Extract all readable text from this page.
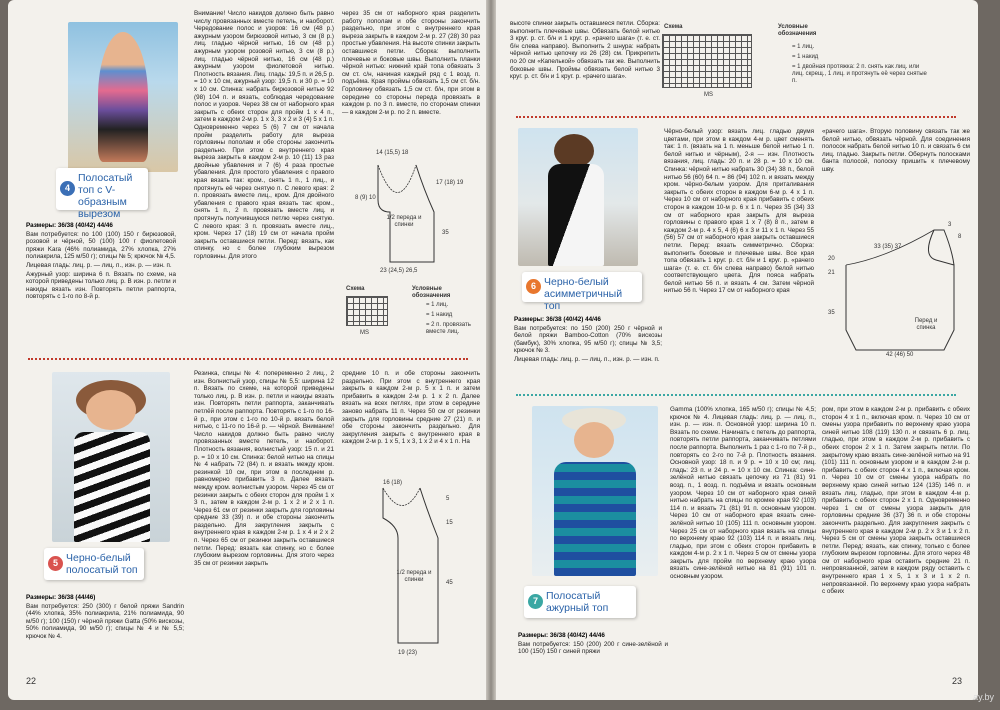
4
Полосатый топ с V-образным вырезом

Размеры: 36/38 (40/42) 44/46

Вам потребуется: по 100 (100) 150 г бирюзовой, розовой и чёрной, 50 (100) 100 г фиолетовой пряжи Kara (46% полиамида, 27% хлопка, 27% полиакрила, 125 м/50 г); спицы № 5; крючок № 4,5.

Лицевая гладь: лиц. р. — лиц. п., изн. р. — изн. п.

Ажурный узор: ширина 6 п. Вязать по схеме, на которой приведены только лиц. р. В изн. р. петли и накиды вязать изн. Повторять петли раппорта, повторять с 1-го по 8-й р.

Внимание! Число накидов должно быть равно числу провязанных вместе петель, и наоборот. Чередование полос и узоров: 16 см (48 р.) ажурным узором бирюзовой нитью, 3 см (8 р.) лиц. гладью чёрной нитью, 16 см (48 р.) ажурным узором розовой нитью, 3 см (8 р.) лиц. гладью чёрной нитью, 16 см (48 р.) ажурным узором фиолетовой нитью. Плотность вязания. Лиц. гладь: 19,5 п. и 26,5 р. = 10 х 10 см, ажурный узор: 19,5 п. и 30 р. = 10 х 10 см. Спинка: набрать бирюзовой нитью 92 (98) 104 п. и вязать, соблюдая чередование полос и узоров. Через 38 см от наборного края закрыть с обеих сторон для пройм 1 х 4 п., затем в каждом 2-м р. 1 х 3, 3 х 2 и 3 (4) 5 х 1 п. Одновременно через 5 (6) 7 см от начала пройм разделить работу для выреза горловины пополам и обе стороны закончить раздельно. При этом с внутреннего края выреза закрыть в каждом 2-м р. 10 (11) 13 раз двойные убавления и 7 (6) 4 раза простые убавления. Для простого убавления с правого края вязать так: кром., снять 1 п., 1 лиц., и протянуть её через снятую п. С левого края: 2 п. провязать вместе лиц., кром. Для двойного убавления с правого края вязать так: кром., снять 1 п., 2 п. провязать вместе лиц. и протянуть получившуюся петлю через снятую. С левого края: 3 п. провязать вместе лиц., кром. Через 17 (18) 19 см от начала пройм закрыть оставшиеся петли. Перед: вязать, как спинку, но с более глубоким вырезом горловины. Для этого
через 35 см от наборного края разделить работу пополам и обе стороны закончить раздельно, при этом с внутреннего края выреза закрыть в каждом 2-м р. 27 (28) 30 раз простые убавления. На высоте спинки закрыть оставшиеся петли. Сборка: выполнить плечевые и боковые швы. Выполнить планки чёрной нитью: нижний край топа обвязать 3 см ст. с/н, начиная каждый ряд с 1 возд. п. подъёма. Края проймы обвязать 1,5 см ст. б/н. Горловину обвязать 1,5 см ст. б/н, при этом в середине со стороны переда провязать в каждом р. по 3 п. вместе, по сторонам спинки — в каждом 2-м р. по 2 п. вместе.
14 (15,5) 18
8 (9) 10
17 (18) 19
35
1/2 переда и спинки
23 (24,5) 26,5
Схема
MS
Условные обозначения
= 1 лиц.
= 1 накид
= 2 п. провязать вместе лиц.
5 Черно-белый полосатый топ

Размеры: 36/38 (44/46)

Вам потребуется: 250 (300) г белой пряжи Sandrin (44% хлопка, 35% полиакрила, 21% полиамида, 90 м/50 г); 100 (150) г чёрной пряжи Gatta (50% вискозы, 50% полиамида, 90 м/50 г); спицы № 4 и № 5,5; крючок № 4.

Резинка, спицы № 4: попеременно 2 лиц., 2 изн. Волнистый узор, спицы № 5,5: ширина 12 п. Вязать по схеме, на которой приведены только лиц. р. В изн. р. петли и накиды вязать изн. Повторять петли раппорта, заканчивать петлёй после раппорта. Повторять с 1-го по 16-й р., при этом с 1-го по 10-й р. вязать белой нитью, с 11-го по 16-й р. — чёрной. Внимание! Число накидов должно быть равно числу провязанных вместе петель, и наоборот. Плотность вязания, волнистый узор: 15 п. и 21 р. = 10 х 10 см. Спинка: белой нитью на спицы № 4 набрать 72 (84) п. и вязать между кром. резинкой 10 см, при этом в последнем р. равномерно прибавить 3 п. Далее вязать между кром. волнистым узором. Через 45 см от резинки закрыть с обеих сторон для пройм 1 х 3 п., затем в каждом 2-м р. 1 х 2 и 2 х 1 п. Через 61 см от резинки закрыть для горловины средние 33 (39) п. и обе стороны закончить раздельно. Для закругления закрыть с внутреннего края в каждом 2-м р. 1 х 4 и 2 х 2 п. Через 65 см от резинки закрыть оставшиеся петли. Перед: вязать как спинку, но с более глубоким вырезом горловины. Для этого через 35 см от резинки закрыть
средние 10 п. и обе стороны закончить раздельно. При этом с внутреннего края закрыть в каждом 2-м р. 5 х 1 п. и затем прибавить в каждом 2-м р. 1 х 2 п. Далее вязать на всех петлях, при этом в середине заново набрать 11 п. Через 50 см от резинки закрыть для горловины средние 27 (21) п. и обе стороны закончить раздельно. Для закругления закрыть с внутреннего края в каждом 2-м р. 1 х 5, 1 х 3, 1 х 2 и 4 х 1 п. На
16 (18)
5
15
45
1/2 переда и спинки
19 (23)
22
высоте спинки закрыть оставшиеся петли. Сборка: выполнить плечевые швы. Обвязать белой нитью 3 круг. р. ст. б/н и 1 круг. р. «рачего шага» (т. е. ст. б/н слева направо). Выполнить 2 шнура: набрать чёрной нитью цепочку из 26 (28) см. Прикрепить по 20 см «Капелькой» обвязать так же. Выполнить боковые швы. Проймы обвязать белой нитью 3 круг. р. ст. б/н и 1 круг. р. «рачего шага».
Схема
MS
Условные обозначения
= 1 лиц.
= 1 накид
= 1 двойная протяжка: 2 п. снять как лиц. или лиц. скрещ., 1 лиц. и протянуть её через снятые п.
6 Черно-белый асимметричный топ

Размеры: 36/38 (40/42) 44/46

Вам потребуется: по 150 (200) 250 г чёрной и белой пряжи Bamboo-Cotton (70% вискозы (бамбук), 30% хлопка, 95 м/50 г); спицы № 3,5; крючок № 3.

Лицевая гладь: лиц. р. — лиц. п., изн. р. — изн. п.

Чёрно-белый узор: вязать лиц. гладью двумя цветами, при этом в каждом 4-м р. цвет сменять так: 1 п. (вязать на 1 п. меньше белой нитью 1 п. белой нитью и чёрным), 2-я — изн. Плотность вязания, лиц. гладь: 20 п. и 28 р. = 10 х 10 см. Спинка: чёрной нитью набрать 30 (34) 38 п., белой нитью 56 (60) 64 п. = 86 (94) 102 п. и вязать между кром. чёрно-белым узором. Для приталивания закрыть с обеих сторон в каждом 6-м р. 4 х 1 п. Через 10 см от наборного края прибавить с обеих сторон в каждом 10-м р. 6 х 1 п. Через 35 (34) 33 см от наборного края закрыть для выреза горловины с правого края 1 х 7 (8) 8 п., затем в каждом 2-м р. 4 х 5, 4 (6) 6 х 3 и 11 х 1 п. Через 55 (56) 57 см от наборного края закрыть оставшиеся петли. Перед: вязать симметрично. Сборка: выполнить боковые и плечевые швы. Все края топа обвязать 1 круг. р. ст. б/н и 1 круг. р. «рачего шага» (т. е. ст. б/н слева направо) белой нитью соответствующего цвета. Для пояса набрать белой нитью 56 п. и вязать 4 см. Затем чёрной нитью 56 п. Через 17 см от наборного края
«рачего шага». Вторую половину связать так же белой нитью, обвязать чёрной. Для соединения полосок набрать белой нитью 10 п. и связать 6 см лиц. гладью. Закрыть петли. Обернуть полосками банта полосой, полоску пришить к плечевому шву.
3
8
33 (35) 37
20
21
35
Перед и спинка
42 (46) 50
7 Полосатый ажурный топ

Размеры: 36/38 (40/42) 44/46

Вам потребуется: 150 (200) 200 г сине-зелёной и 100 (150) 150 г синей пряжи

Gamma (100% хлопка, 165 м/50 г); спицы № 4,5; крючок № 4. Лицевая гладь: лиц. р. — лиц. п., изн. р. — изн. п. Основной узор: ширина 10 п. Вязать по схеме. Начинать с петель до раппорта, повторять петли раппорта, заканчивать петлями после раппорта. Выполнить 1 раз с 1-го по 7-й р., повторять со 2-го по 7-й р. Плотность вязания. Основной узор: 18 п. и 9 р. = 10 х 10 см; лиц. гладь: 23 п. и 24 р. = 10 х 10 см. Спинка: сине-зелёной нитью связать цепочку из 71 (81) 91 возд. п., 1 возд. п. подъёма и вязать основным узором. Через 10 см от наборного края синей нитью набрать на спицы по кромке края 92 (103) 114 п. и вязать 71 (81) 91 п. основным узором. Через 10 см от наборного края вязать сине-зелёной нитью 10 (105) 111 п. основным узором. Через 25 см от наборного края вязать на спицы по верхнему краю 92 (103) 114 п. и вязать лиц. гладью, при этом с обеих сторон прибавить в каждом 4-м р. 2 х 1 п. Через 5 см от смены узора закрыть для пройм по верхнему краю узора вязать сине-зелёной нитью на 81 (91) 101 п. основным узором.
ром, при этом в каждом 2-м р. прибавить с обеих сторон 4 х 1 п., включая кром. п. Через 10 см от смены узора прибавить по верхнему краю узора синей нитью 108 (119) 130 п. и связать 6 р. лиц. гладью, при этом в каждом 2-м р. прибавить с обеих сторон 2 х 1 п. Затем закрыть петли. По закрытому краю вязать сине-зелёной нитью на 91 (101) 111 п. основным узором и в каждом 2-м р. прибавить с обеих сторон 4 х 1 п., включая кром. п. Через 10 см от смены узора набрать по верхнему краю синей нитью 124 (135) 146 п. и вязать лиц. гладью, при этом в каждом 4-м р. прибавить с обеих сторон 2 х 1 п. Одновременно через 1 см от смены узора закрыть для горловины средние 36 (37) 36 п. и обе стороны закончить раздельно. Для закругления закрыть с внутреннего края в каждом 2-м р. 2 х 3 и 1 х 2 п. Через 5 см от смены узора закрыть оставшиеся петли. Перед: вязать, как спинку, только с более глубоким вырезом горловины. Для этого через 48 см от наборного края оставить средние 21 п. непровязанной, затем в каждом ряду оставить с внутреннего края 1 х 5, 1 х 3 и 1 х 2 п. непровязанной. По верхнему краю узора набрать с обеих
23
ay.by
